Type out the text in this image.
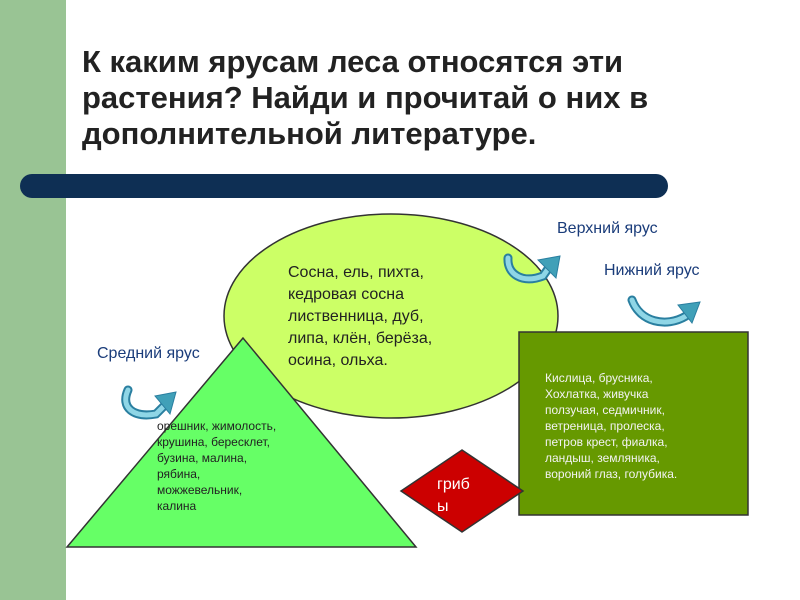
К каким ярусам леса относятся эти растения? Найди и прочитай о них в дополнительной литературе.
Верхний ярус
Нижний ярус
Средний ярус
Сосна, ель, пихта,
кедровая сосна
лиственница, дуб,
липа, клён, берёза,
осина, ольха.
орешник, жимолость,
крушина, бересклет,
бузина, малина,
рябина,
можжевельник,
калина
Кислица, брусника,
Хохлатка, живучка
ползучая, седмичник,
ветреница, пролеска,
петров крест, фиалка,
ландыш, земляника,
вороний глаз, голубика.
гриб
ы
